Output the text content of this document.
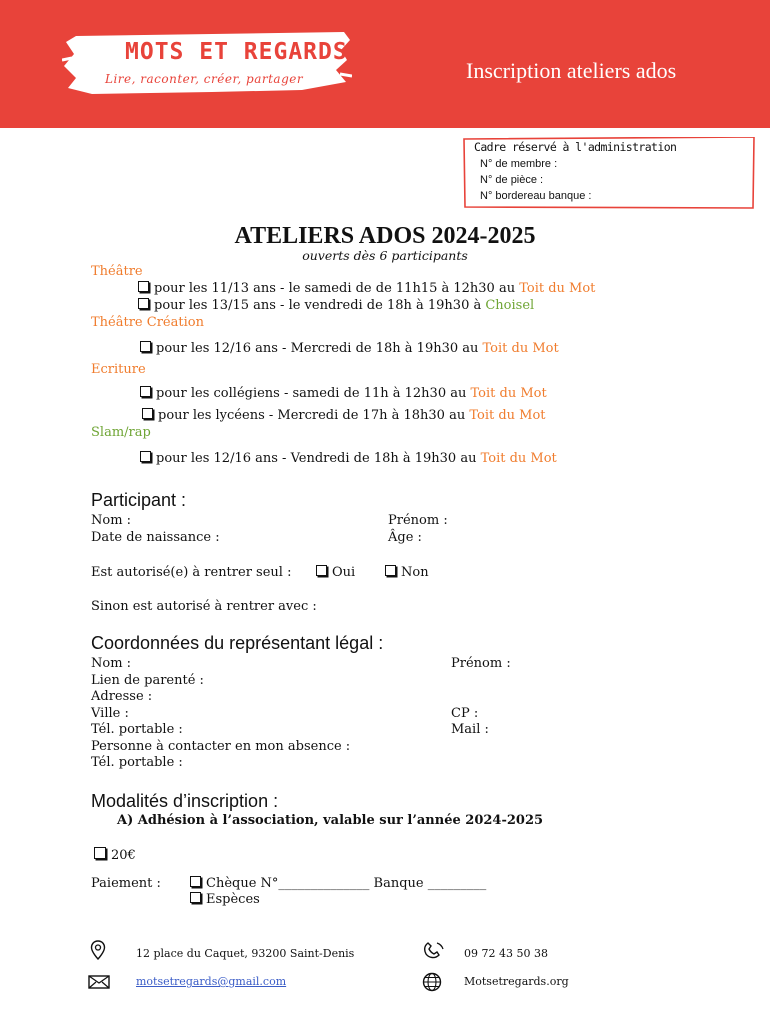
MOTS ET REGARDS
Lire, raconter, créer, partager	Inscription ateliers ados
Cadre réservé à l'administration
N° de membre :
N° de pièce :
N° bordereau banque :
ATELIERS ADOS 2024-2025
ouverts dès 6 participants
Théâtre
pour les 11/13 ans - le samedi de de 11h15 à 12h30 au Toit du Mot
pour les 13/15 ans - le vendredi de 18h à 19h30 à Choisel
Théâtre Création
pour les 12/16 ans - Mercredi de 18h à 19h30 au Toit du Mot
Ecriture
pour les collégiens - samedi de 11h à 12h30 au Toit du Mot
pour les lycéens - Mercredi de 17h à 18h30 au Toit du Mot
Slam/rap
pour les 12/16 ans - Vendredi de 18h à 19h30 au Toit du Mot
Participant :
Nom :	Prénom :
Date de naissance :	Âge :
Est autorisé(e) à rentrer seul :	Oui	Non
Sinon est autorisé à rentrer avec :
Coordonnées du représentant légal :
Nom :	Prénom :
Lien de parenté :
Adresse :
Ville :	CP :
Tél. portable :	Mail :
Personne à contacter en mon absence :
Tél. portable :
Modalités d’inscription :
A) Adhésion à l’association, valable sur l’année 2024-2025
20€
Paiement :	Chèque N°______________ Banque _________
Espèces
12 place du Caquet, 93200 Saint-Denis	09 72 43 50 38
motsetregards@gmail.com	Motsetregards.org
